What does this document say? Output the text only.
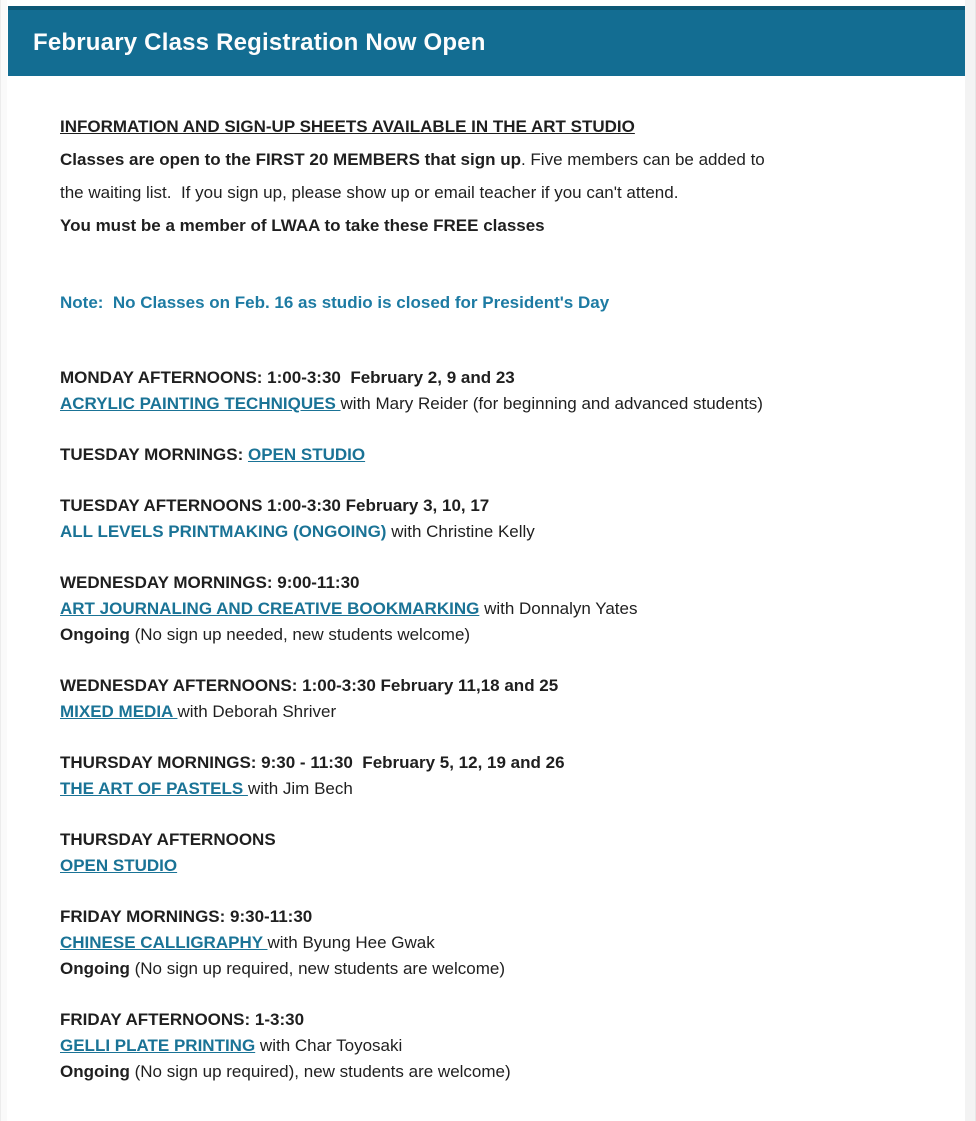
February Class Registration Now Open
INFORMATION AND SIGN-UP SHEETS AVAILABLE IN THE ART STUDIO
Classes are open to the FIRST 20 MEMBERS that sign up. Five members can be added to
the waiting list.  If you sign up, please show up or email teacher if you can't attend.
You must be a member of LWAA to take these FREE classes
Note:  No Classes on Feb. 16 as studio is closed for President's Day
MONDAY AFTERNOONS: 1:00-3:30  February 2, 9 and 23
ACRYLIC PAINTING TECHNIQUES with Mary Reider (for beginning and advanced students)
TUESDAY MORNINGS: OPEN STUDIO
TUESDAY AFTERNOONS 1:00-3:30 February 3, 10, 17
ALL LEVELS PRINTMAKING (ONGOING) with Christine Kelly
WEDNESDAY MORNINGS: 9:00-11:30
ART JOURNALING AND CREATIVE BOOKMARKING with Donnalyn Yates
Ongoing (No sign up needed, new students welcome)
WEDNESDAY AFTERNOONS: 1:00-3:30 February 11,18 and 25
MIXED MEDIA with Deborah Shriver
THURSDAY MORNINGS: 9:30 - 11:30  February 5, 12, 19 and 26
THE ART OF PASTELS with Jim Bech
THURSDAY AFTERNOONS
OPEN STUDIO
FRIDAY MORNINGS: 9:30-11:30
CHINESE CALLIGRAPHY with Byung Hee Gwak
Ongoing (No sign up required, new students are welcome)
FRIDAY AFTERNOONS: 1-3:30
GELLI PLATE PRINTING with Char Toyosaki
Ongoing (No sign up required), new students are welcome)
